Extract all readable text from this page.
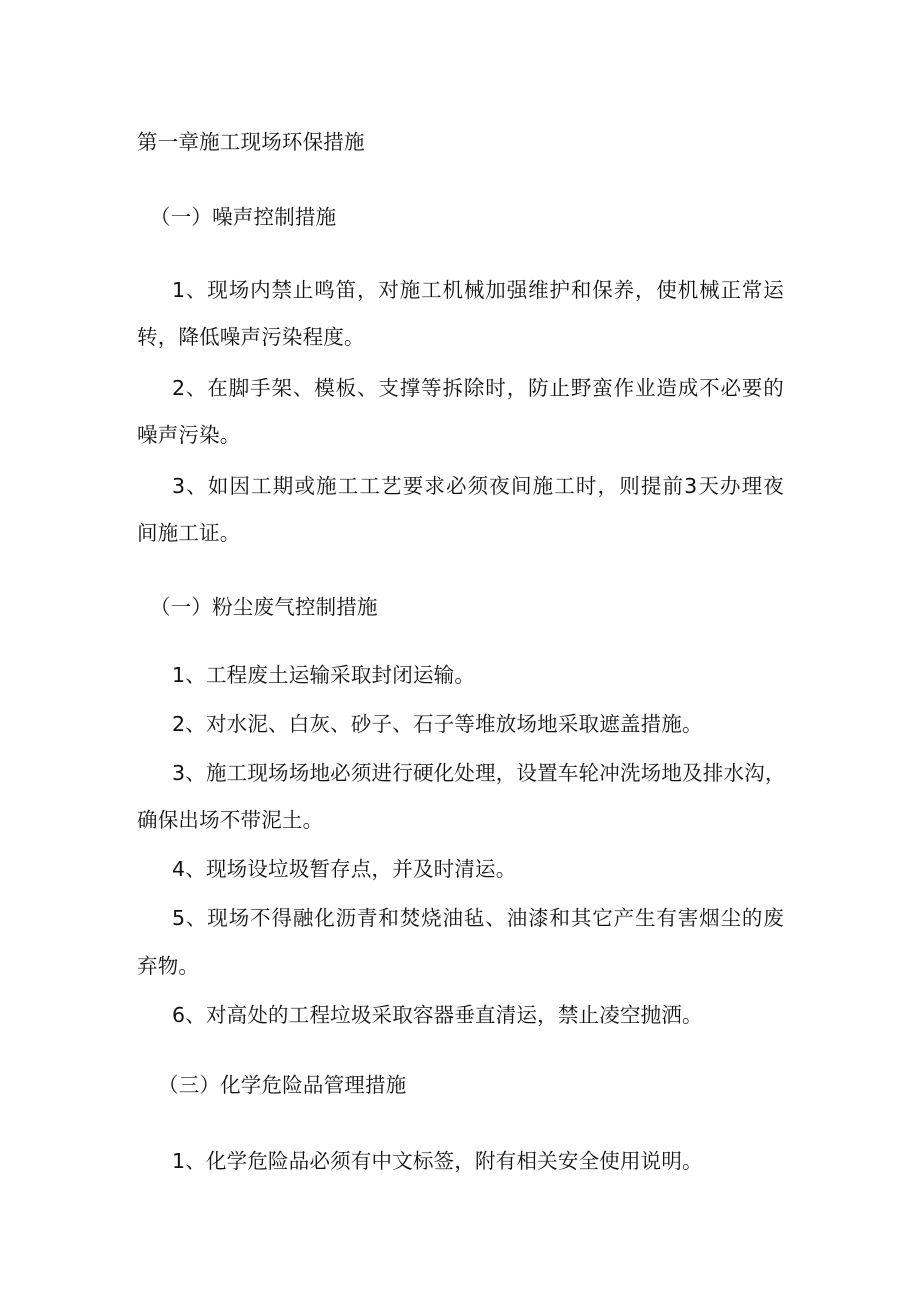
第一章施工现场环保措施
（一）噪声控制措施
1、现场内禁止鸣笛，对施工机械加强维护和保养，使机械正常运
转，降低噪声污染程度。
2、在脚手架、模板、支撑等拆除时，防止野蛮作业造成不必要的
噪声污染。
3、如因工期或施工工艺要求必须夜间施工时，则提前3天办理夜
间施工证。
（一）粉尘废气控制措施
1、工程废土运输采取封闭运输。
2、对水泥、白灰、砂子、石子等堆放场地采取遮盖措施。
3、施工现场场地必须进行硬化处理，设置车轮冲洗场地及排水沟，
确保出场不带泥土。
4、现场设垃圾暂存点，并及时清运。
5、现场不得融化沥青和焚烧油毡、油漆和其它产生有害烟尘的废
弃物。
6、对高处的工程垃圾采取容器垂直清运，禁止凌空抛洒。
（三）化学危险品管理措施
1、化学危险品必须有中文标签，附有相关安全使用说明。
